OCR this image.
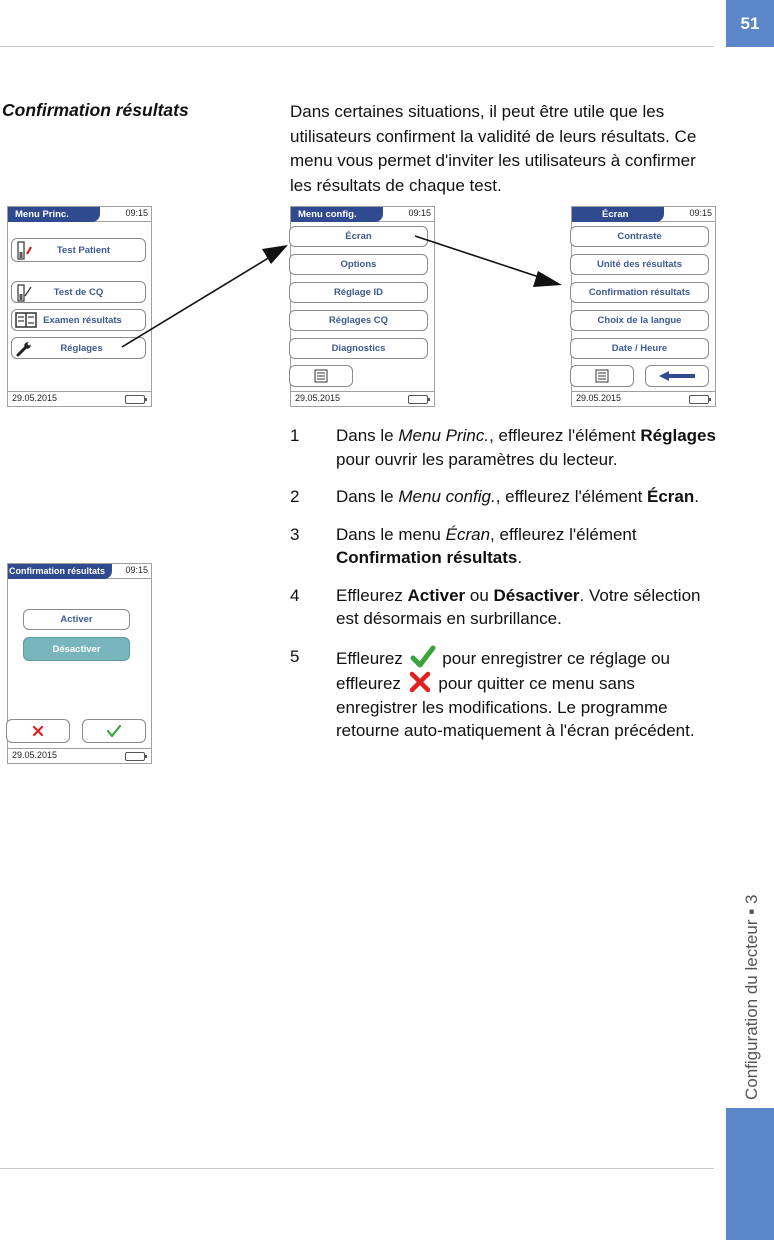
51
Configuration du lecteur ▪ 3
Confirmation résultats	Dans certaines situations, il peut être utile que les utilisateurs confirment la validité de leurs résultats. Ce menu vous permet d'inviter les utilisateurs à confirmer les résultats de chaque test.

Menu Princ.	09:15
Test Patient
Test de CQ
Examen résultats
Réglages
29.05.2015
Menu config.	09:15
Écran
Options
Réglage ID
Réglages CQ
Diagnostics
29.05.2015
Écran	09:15
Contraste
Unité des résultats
Confirmation résultats
Choix de la langue
Date / Heure
29.05.2015
Confirmation résultats	09:15
Activer
Désactiver
29.05.2015
1	Dans le Menu Princ., effleurez l'élément Réglages pour ouvrir les paramètres du lecteur.
2	Dans le Menu config., effleurez l'élément Écran.
3	Dans le menu Écran, effleurez l'élément Confirmation résultats.
4	Effleurez Activer ou Désactiver. Votre sélection est désormais en surbrillance.
5	Effleurez pour enregistrer ce réglage ou effleurez pour quitter ce menu sans enregistrer les modifications. Le programme retourne auto-matiquement à l'écran précédent.
